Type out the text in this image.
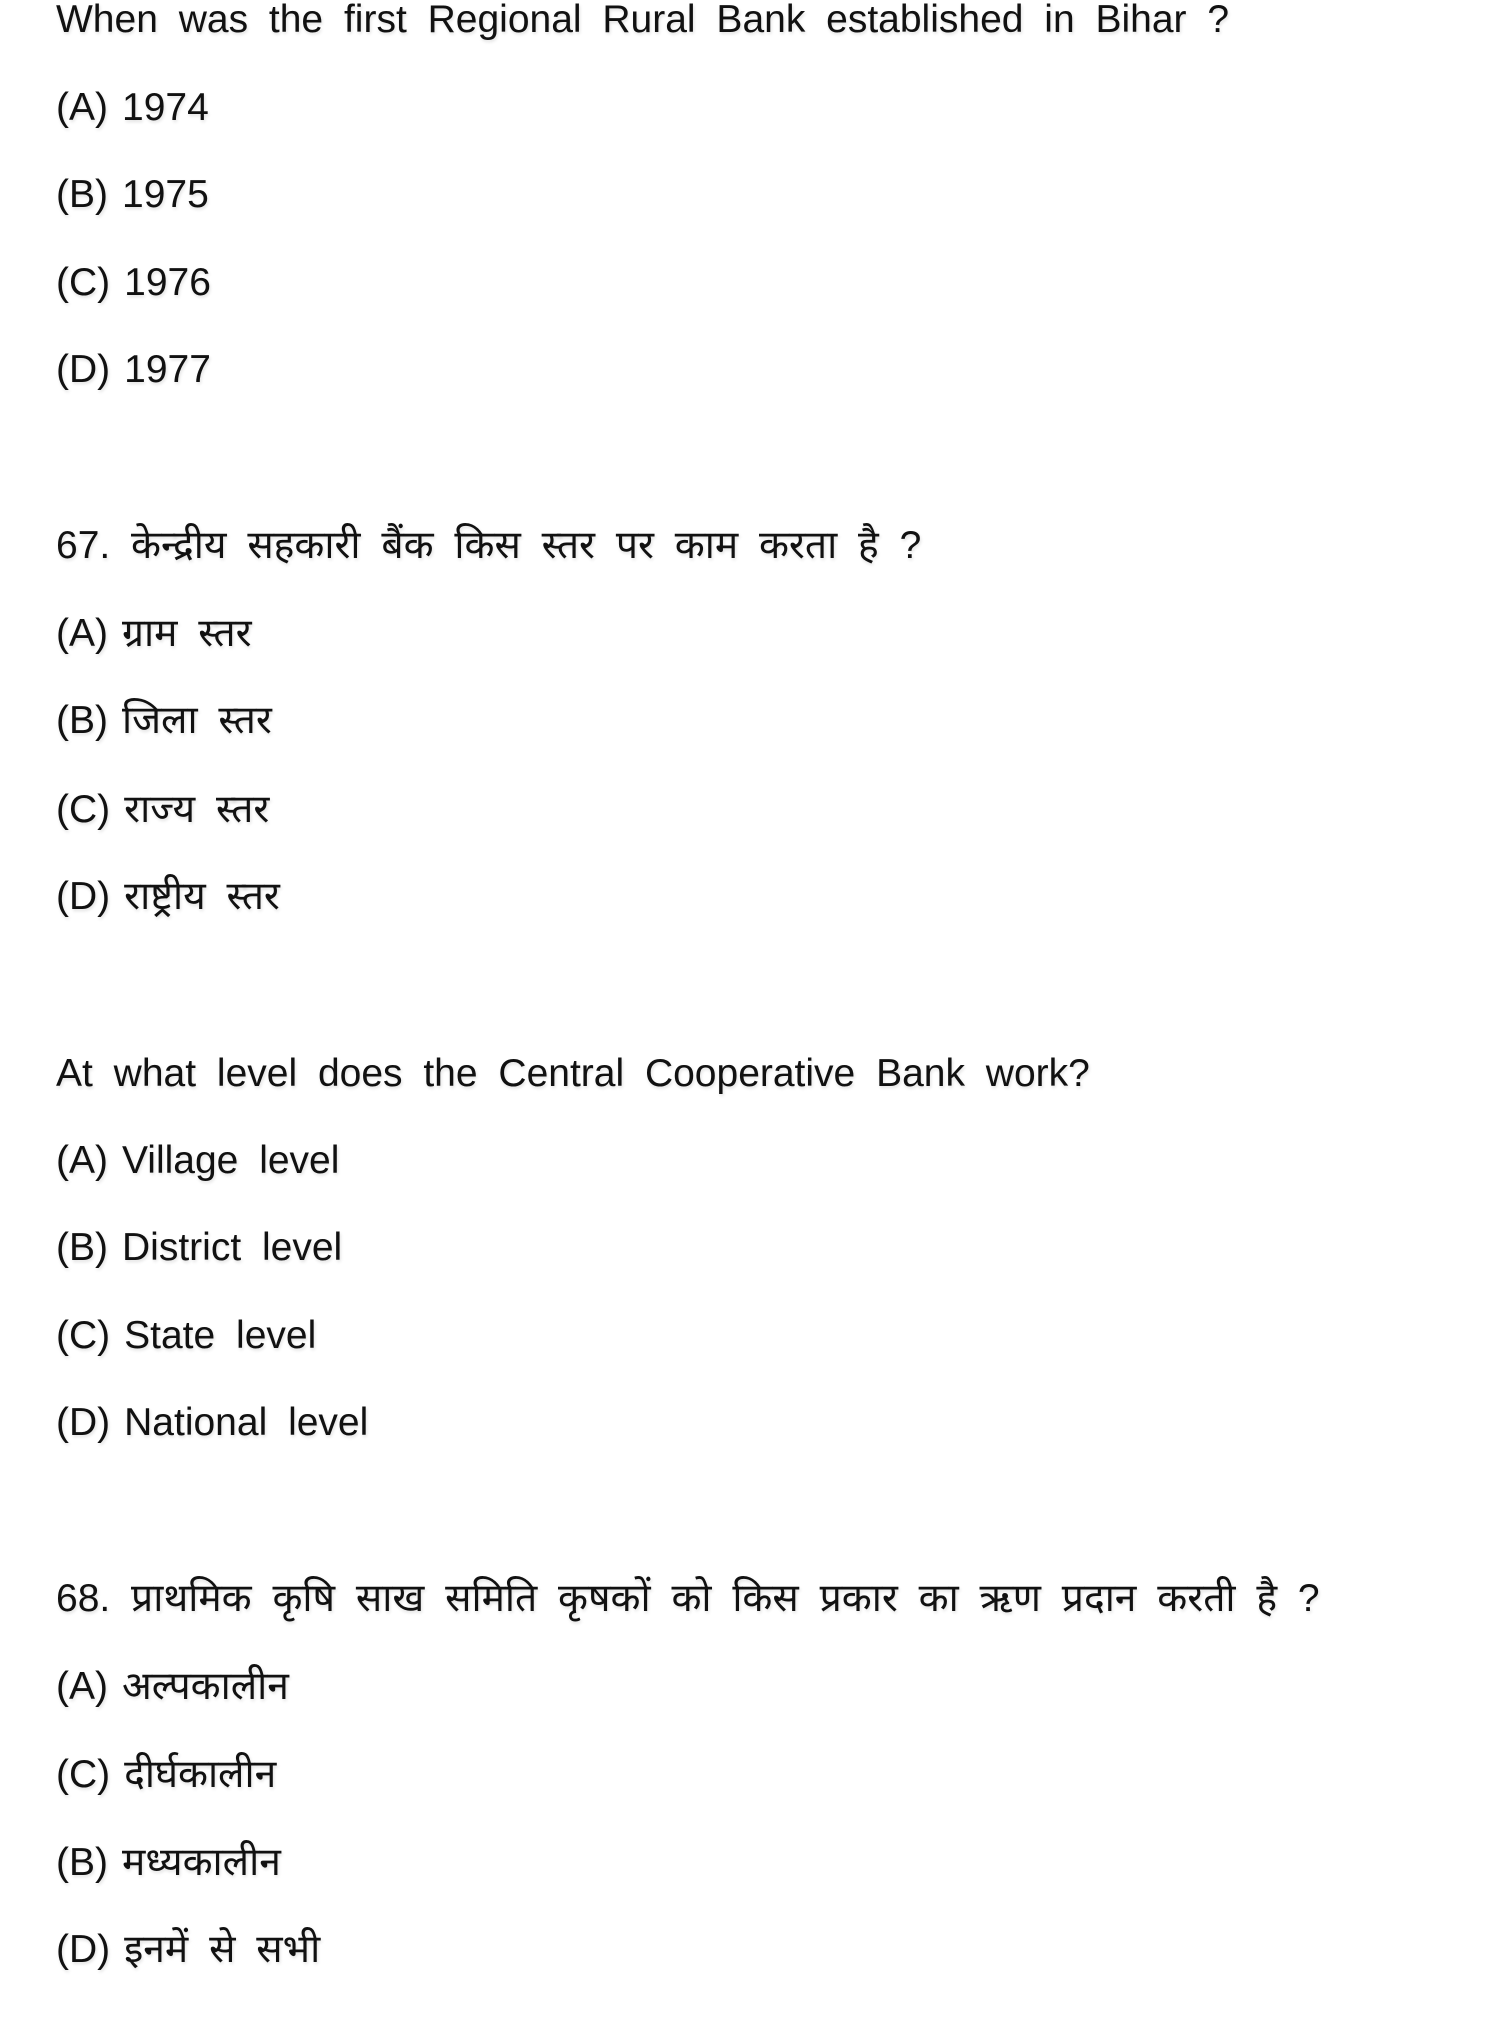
When was the first Regional Rural Bank established in Bihar ?
(A) 1974
(B) 1975
(C) 1976
(D) 1977
67. केन्द्रीय सहकारी बैंक किस स्तर पर काम करता है ?
(A) ग्राम स्तर
(B) जिला स्तर
(C) राज्य स्तर
(D) राष्ट्रीय स्तर
At what level does the Central Cooperative Bank work?
(A) Village level
(B) District level
(C) State level
(D) National level
68. प्राथमिक कृषि साख समिति कृषकों को किस प्रकार का ऋण प्रदान करती है ?
(A) अल्पकालीन
(C) दीर्घकालीन
(B) मध्यकालीन
(D) इनमें से सभी
